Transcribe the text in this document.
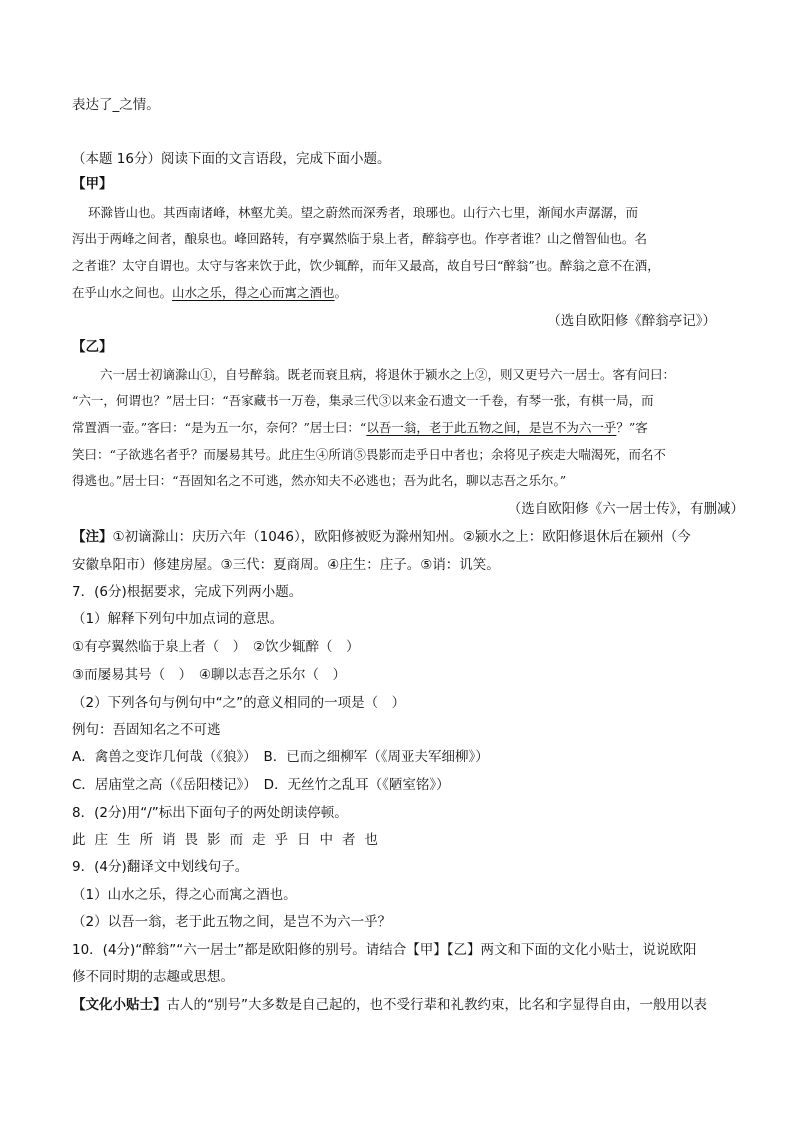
表达了_之情。
（本题 16分）阅读下面的文言语段，完成下面小题。
【甲】
环滁皆山也。其西南诸峰，林壑尤美。望之蔚然而深秀者，琅琊也。山行六七里，渐闻水声潺潺，而
泻出于两峰之间者，酿泉也。峰回路转，有亭翼然临于泉上者，醉翁亭也。作亭者谁？山之僧智仙也。名
之者谁？太守自谓也。太守与客来饮于此，饮少辄醉，而年又最高，故自号曰“醉翁”也。醉翁之意不在酒，
在乎山水之间也。山水之乐，得之心而寓之酒也。
（选自欧阳修《醉翁亭记》）
【乙】
六一居士初谪滁山①，自号醉翁。既老而衰且病，将退休于颍水之上②，则又更号六一居士。客有问曰：
“六一，何谓也？”居士曰：“吾家藏书一万卷，集录三代③以来金石遗文一千卷，有琴一张，有棋一局，而
常置酒一壶。”客曰：“是为五一尔，奈何？”居士曰：“以吾一翁，老于此五物之间，是岂不为六一乎？”客
笑曰：“子欲逃名者乎？而屡易其号。此庄生④所诮⑤畏影而走乎日中者也；余将见子疾走大喘渴死，而名不
得逃也。”居士曰：“吾固知名之不可逃，然亦知夫不必逃也；吾为此名，聊以志吾之乐尔。”
（选自欧阳修《六一居士传》，有删减）
【注】①初谪滁山：庆历六年（1046），欧阳修被贬为滁州知州。②颍水之上：欧阳修退休后在颍州（今
安徽阜阳市）修建房屋。③三代：夏商周。④庄生：庄子。⑤诮：讥笑。
7．(6分)根据要求，完成下列两小题。
（1）解释下列句中加点词的意思。
①有亭翼然临于泉上者（　）　②饮少辄醉（　）
③而屡易其号（　）　④聊以志吾之乐尔（　）
（2）下列各句与例句中“之”的意义相同的一项是（　）
例句：吾固知名之不可逃
A．禽兽之变诈几何哉（《狼》）　B．已而之细柳军（《周亚夫军细柳》）
C．居庙堂之高（《岳阳楼记》）　D．无丝竹之乱耳（《陋室铭》）
8．(2分)用“/”标出下面句子的两处朗读停顿。
此庄生所诮畏影而走乎日中者也
9．(4分)翻译文中划线句子。
（1）山水之乐，得之心而寓之酒也。
（2）以吾一翁，老于此五物之间，是岂不为六一乎？
10．(4分)“醉翁”“六一居士”都是欧阳修的别号。请结合【甲】【乙】两文和下面的文化小贴士，说说欧阳
修不同时期的志趣或思想。
【文化小贴士】古人的“别号”大多数是自己起的，也不受行辈和礼教约束，比名和字显得自由，一般用以表
